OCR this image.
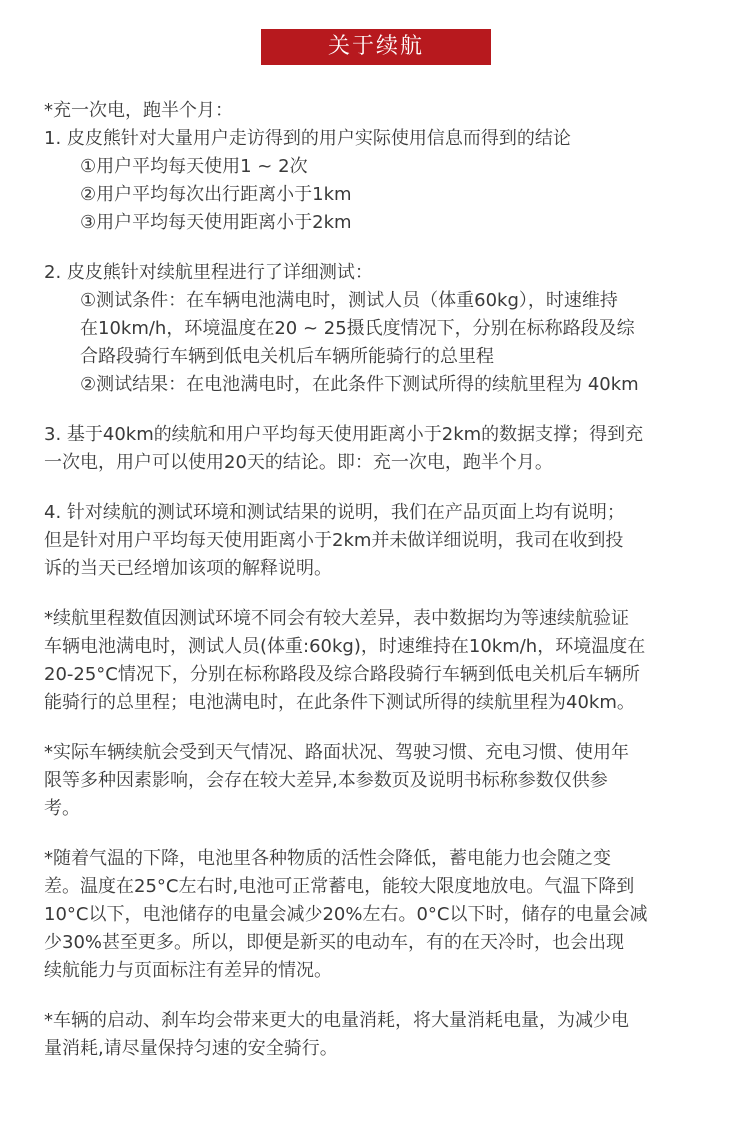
关于续航
*充一次电，跑半个月：
1. 皮皮熊针对大量用户走访得到的用户实际使用信息而得到的结论
①用户平均每天使用1 ~ 2次
②用户平均每次出行距离小于1km
③用户平均每天使用距离小于2km
2. 皮皮熊针对续航里程进行了详细测试：
①测试条件：在车辆电池满电时，测试人员（体重60kg），时速维持
在10km/h，环境温度在20 ~ 25摄氏度情况下，分别在标称路段及综
合路段骑行车辆到低电关机后车辆所能骑行的总里程
②测试结果：在电池满电时，在此条件下测试所得的续航里程为 40km
3. 基于40km的续航和用户平均每天使用距离小于2km的数据支撑；得到充
一次电，用户可以使用20天的结论。即：充一次电，跑半个月。
4. 针对续航的测试环境和测试结果的说明，我们在产品页面上均有说明；
但是针对用户平均每天使用距离小于2km并未做详细说明，我司在收到投
诉的当天已经增加该项的解释说明。
*续航里程数值因测试环境不同会有较大差异，表中数据均为等速续航验证
车辆电池满电时，测试人员(体重:60kg)，时速维持在10km/h，环境温度在
20-25°C情况下，分别在标称路段及综合路段骑行车辆到低电关机后车辆所
能骑行的总里程；电池满电时，在此条件下测试所得的续航里程为40km。
*实际车辆续航会受到天气情况、路面状况、驾驶习惯、充电习惯、使用年
限等多种因素影响，会存在较大差异,本参数页及说明书标称参数仅供参
考。
*随着气温的下降，电池里各种物质的活性会降低，蓄电能力也会随之变
差。温度在25°C左右时,电池可正常蓄电，能较大限度地放电。气温下降到
10°C以下，电池储存的电量会减少20%左右。0°C以下时，储存的电量会减
少30%甚至更多。所以，即便是新买的电动车，有的在天冷时，也会出现
续航能力与页面标注有差异的情况。
*车辆的启动、刹车均会带来更大的电量消耗，将大量消耗电量，为减少电
量消耗,请尽量保持匀速的安全骑行。
